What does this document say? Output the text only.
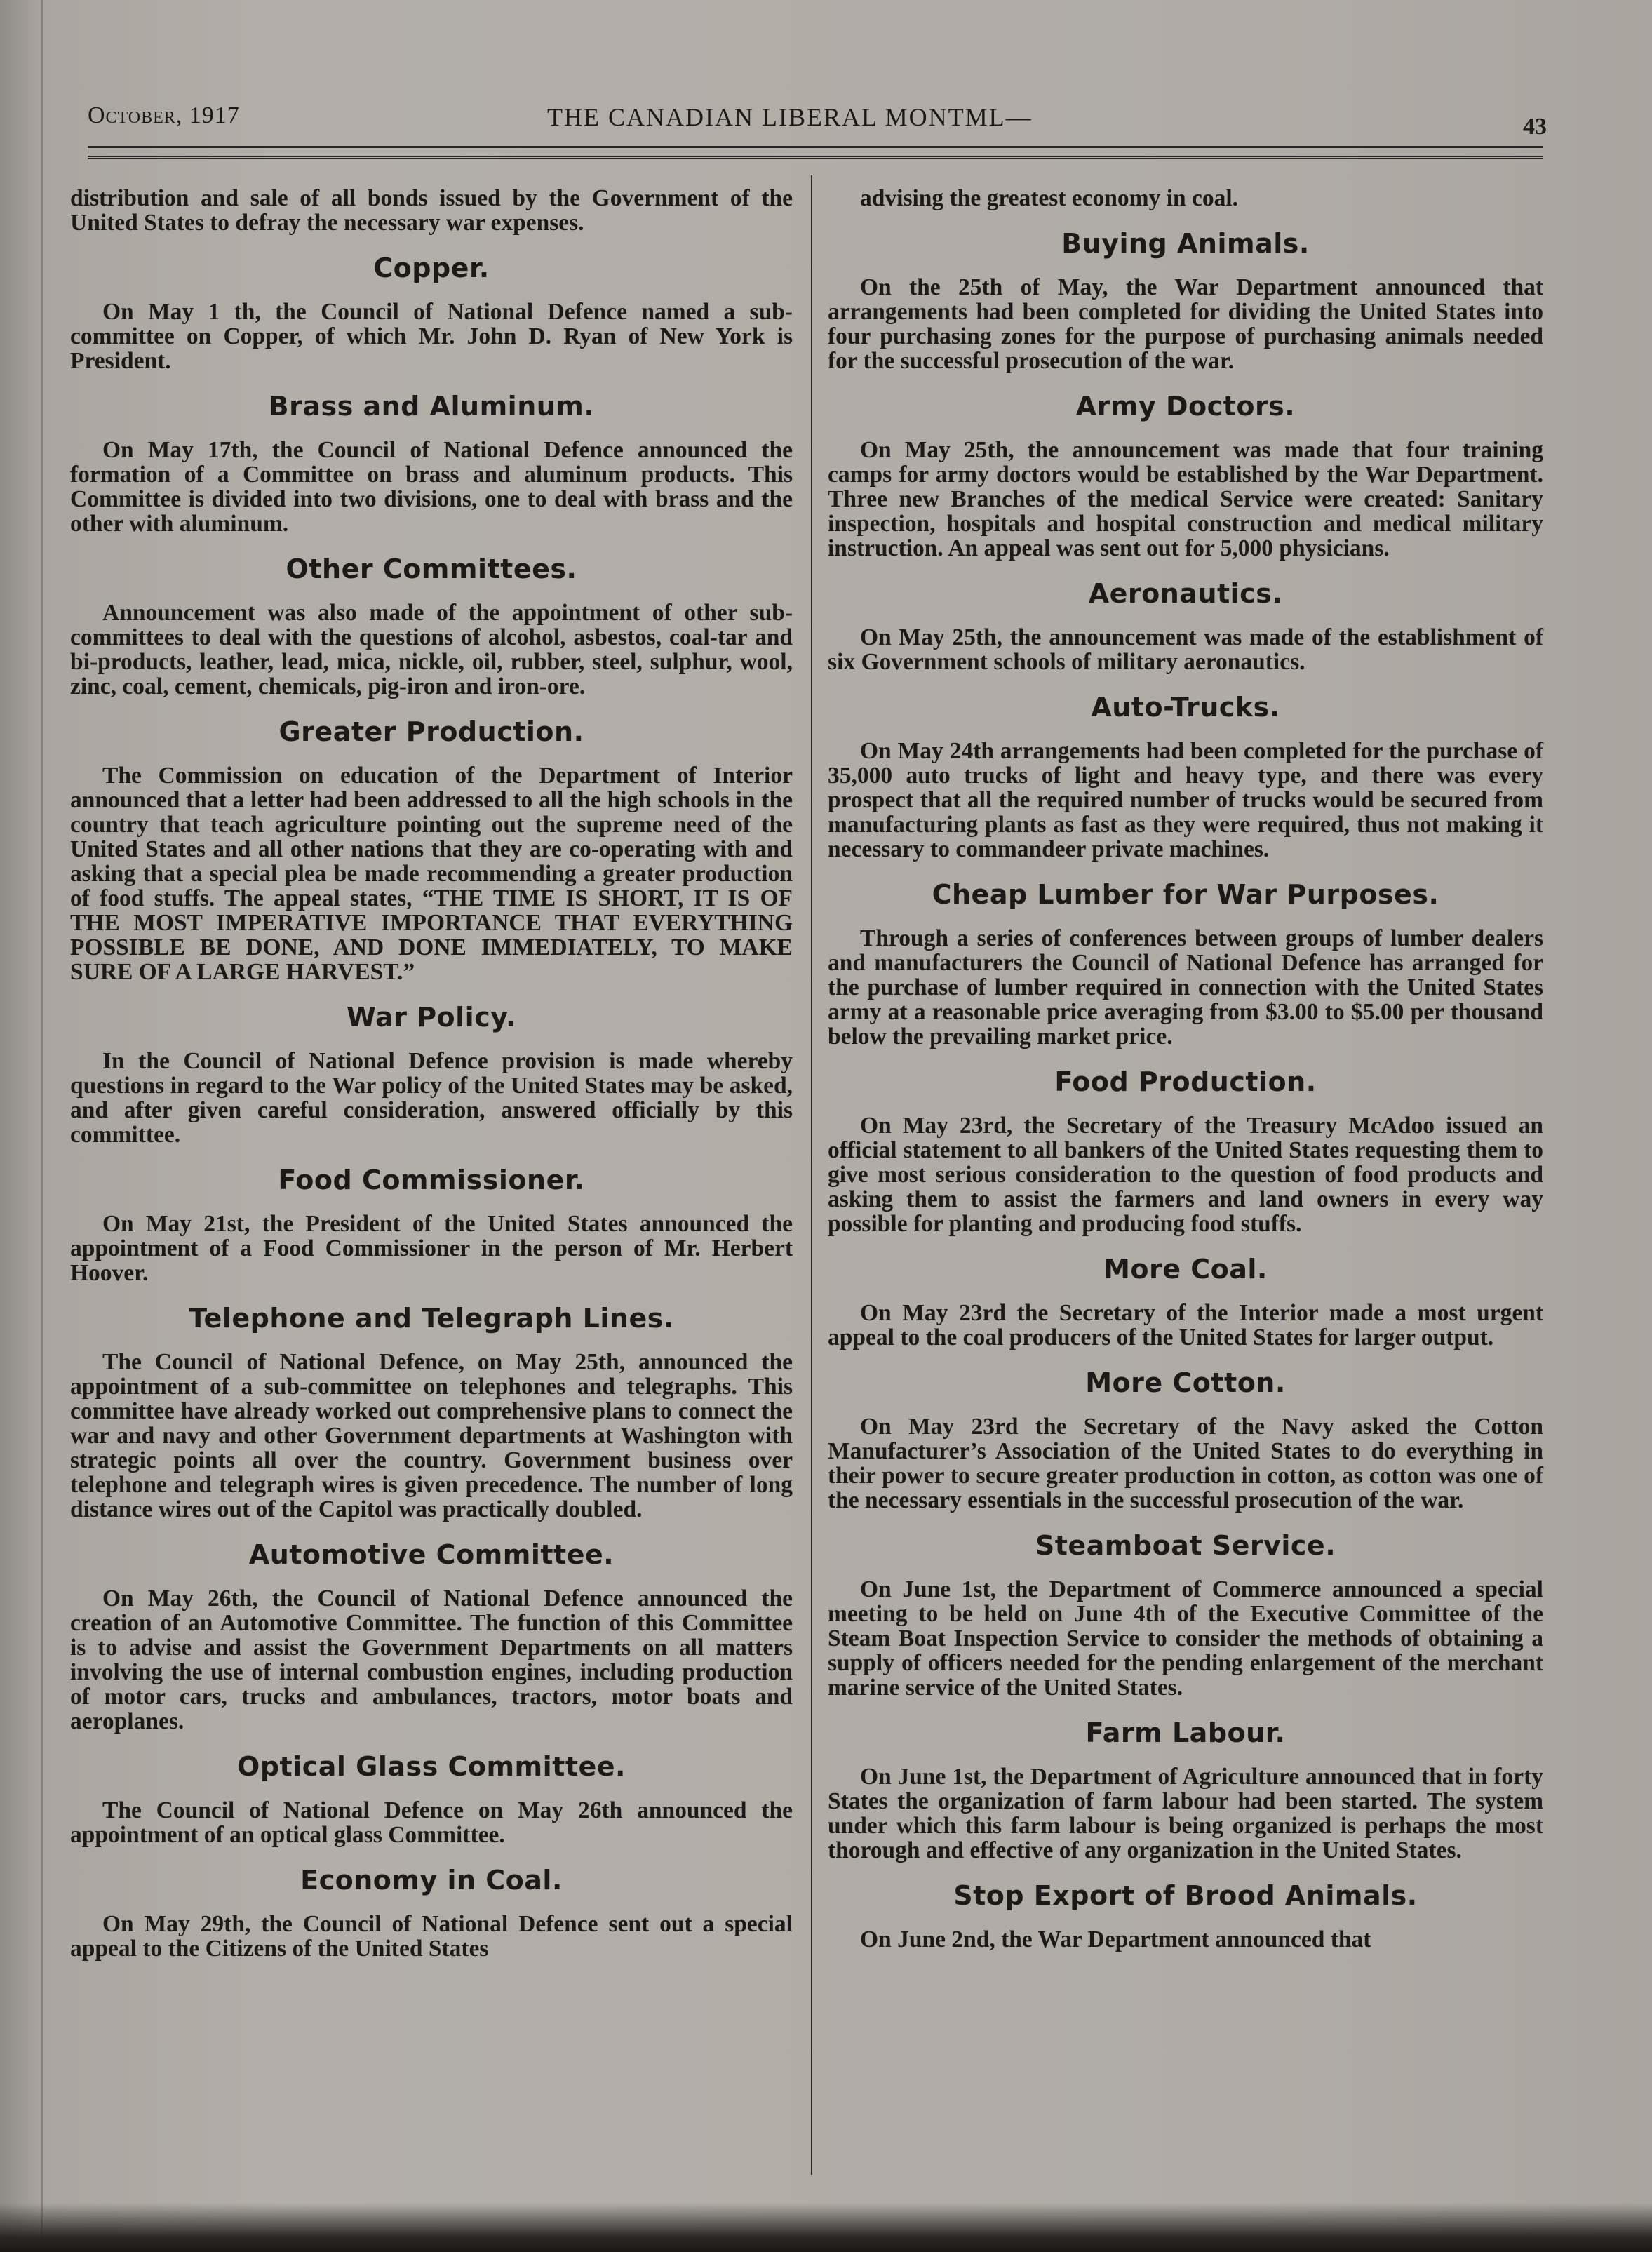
October, 1917	THE CANADIAN LIBERAL MONTML—	43

distribution and sale of all bonds issued by the Government of the United States to defray the necessary war expenses.

Copper.

On May 1 th, the Council of National Defence named a sub-committee on Copper, of which Mr. John D. Ryan of New York is President.

Brass and Aluminum.

On May 17th, the Council of National Defence announced the formation of a Committee on brass and aluminum products. This Committee is divided into two divisions, one to deal with brass and the other with aluminum.

Other Committees.

Announcement was also made of the appointment of other sub-committees to deal with the questions of alcohol, asbestos, coal-tar and bi-products, leather, lead, mica, nickle, oil, rubber, steel, sulphur, wool, zinc, coal, cement, chemicals, pig-iron and iron-ore.

Greater Production.

The Commission on education of the Department of Interior announced that a letter had been addressed to all the high schools in the country that teach agriculture pointing out the supreme need of the United States and all other nations that they are co-operating with and asking that a special plea be made recommending a greater production of food stuffs. The appeal states, “THE TIME IS SHORT, IT IS OF THE MOST IMPERATIVE IMPORTANCE THAT EVERYTHING POSSIBLE BE DONE, AND DONE IMMEDIATELY, TO MAKE SURE OF A LARGE HARVEST.”

War Policy.

In the Council of National Defence provision is made whereby questions in regard to the War policy of the United States may be asked, and after given careful consideration, answered officially by this committee.

Food Commissioner.

On May 21st, the President of the United States announced the appointment of a Food Commissioner in the person of Mr. Herbert Hoover.

Telephone and Telegraph Lines.

The Council of National Defence, on May 25th, announced the appointment of a sub-committee on telephones and telegraphs. This committee have already worked out comprehensive plans to connect the war and navy and other Government departments at Washington with strategic points all over the country. Government business over telephone and telegraph wires is given precedence. The number of long distance wires out of the Capitol was practically doubled.

Automotive Committee.

On May 26th, the Council of National Defence announced the creation of an Automotive Committee. The function of this Committee is to advise and assist the Government Departments on all matters involving the use of internal combustion engines, including production of motor cars, trucks and ambulances, tractors, motor boats and aeroplanes.

Optical Glass Committee.

The Council of National Defence on May 26th announced the appointment of an optical glass Committee.

Economy in Coal.

On May 29th, the Council of National Defence sent out a special appeal to the Citizens of the United States

advising the greatest economy in coal.

Buying Animals.

On the 25th of May, the War Department announced that arrangements had been completed for dividing the United States into four purchasing zones for the purpose of purchasing animals needed for the successful prosecution of the war.

Army Doctors.

On May 25th, the announcement was made that four training camps for army doctors would be established by the War Department. Three new Branches of the medical Service were created: Sanitary inspection, hospitals and hospital construction and medical military instruction. An appeal was sent out for 5,000 physicians.

Aeronautics.

On May 25th, the announcement was made of the establishment of six Government schools of military aeronautics.

Auto-Trucks.

On May 24th arrangements had been completed for the purchase of 35,000 auto trucks of light and heavy type, and there was every prospect that all the required number of trucks would be secured from manufacturing plants as fast as they were required, thus not making it necessary to commandeer private machines.

Cheap Lumber for War Purposes.

Through a series of conferences between groups of lumber dealers and manufacturers the Council of National Defence has arranged for the purchase of lumber required in connection with the United States army at a reasonable price averaging from $3.00 to $5.00 per thousand below the prevailing market price.

Food Production.

On May 23rd, the Secretary of the Treasury McAdoo issued an official statement to all bankers of the United States requesting them to give most serious consideration to the question of food products and asking them to assist the farmers and land owners in every way possible for planting and producing food stuffs.

More Coal.

On May 23rd the Secretary of the Interior made a most urgent appeal to the coal producers of the United States for larger output.

More Cotton.

On May 23rd the Secretary of the Navy asked the Cotton Manufacturer’s Association of the United States to do everything in their power to secure greater production in cotton, as cotton was one of the necessary essentials in the successful prosecution of the war.

Steamboat Service.

On June 1st, the Department of Commerce announced a special meeting to be held on June 4th of the Executive Committee of the Steam Boat Inspection Service to consider the methods of obtaining a supply of officers needed for the pending enlargement of the merchant marine service of the United States.

Farm Labour.

On June 1st, the Department of Agriculture announced that in forty States the organization of farm labour had been started. The system under which this farm labour is being organized is perhaps the most thorough and effective of any organization in the United States.

Stop Export of Brood Animals.

On June 2nd, the War Department announced that
